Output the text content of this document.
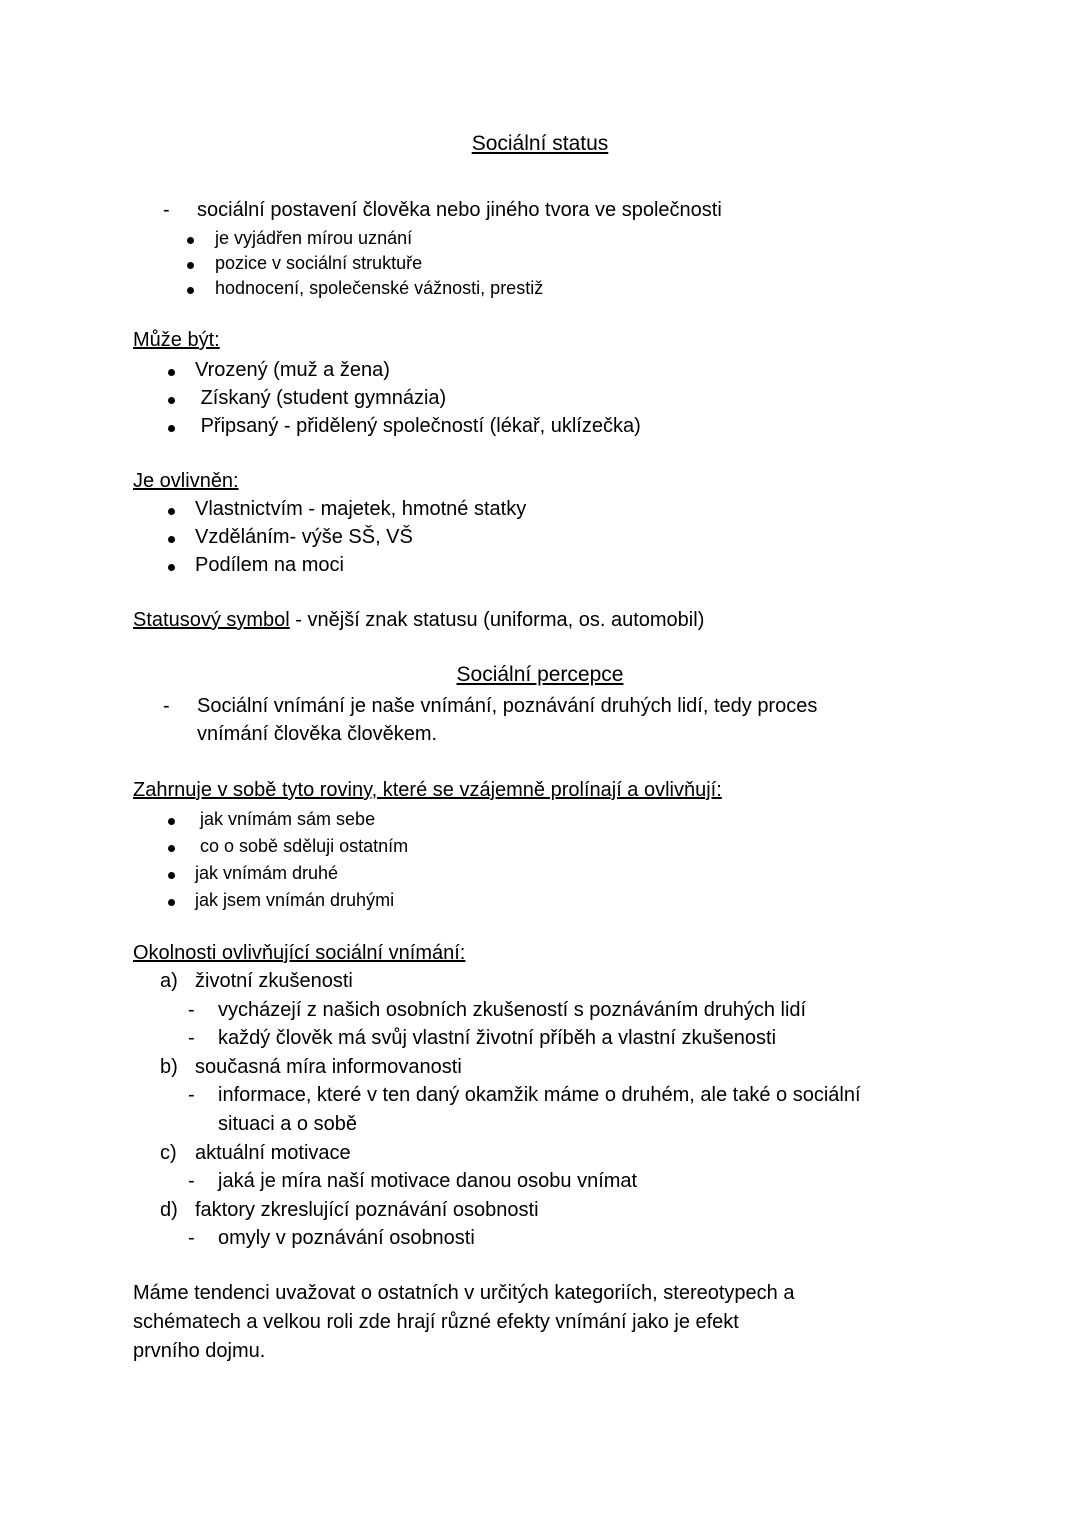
Sociální status
-	sociální postavení člověka nebo jiného tvora ve společnosti
je vyjádřen mírou uznání
pozice v sociální struktuře
hodnocení, společenské vážnosti, prestiž
Může být:
Vrozený (muž a žena)
Získaný (student gymnázia)
Připsaný - přidělený společností (lékař, uklízečka)
Je ovlivněn:
Vlastnictvím - majetek, hmotné statky
Vzděláním- výše SŠ, VŠ
Podílem na moci
Statusový symbol - vnější znak statusu (uniforma, os. automobil)
Sociální percepce
-	Sociální vnímání je naše vnímání, poznávání druhých lidí, tedy proces
vnímání člověka člověkem.
Zahrnuje v sobě tyto roviny, které se vzájemně prolínají a ovlivňují:
jak vnímám sám sebe
co o sobě sděluji ostatním
jak vnímám druhé
jak jsem vnímán druhými
Okolnosti ovlivňující sociální vnímání:
a) životní zkušenosti
-	vycházejí z našich osobních zkušeností s poznáváním druhých lidí
-	každý člověk má svůj vlastní životní příběh a vlastní zkušenosti
b) současná míra informovanosti
-	informace, které v ten daný okamžik máme o druhém, ale také o sociální
situaci a o sobě
c) aktuální motivace
-	jaká je míra naší motivace danou osobu vnímat
d) faktory zkreslující poznávání osobnosti
-	omyly v poznávání osobnosti
Máme tendenci uvažovat o ostatních v určitých kategoriích, stereotypech a
schématech a velkou roli zde hrají různé efekty vnímání jako je efekt
prvního dojmu.
